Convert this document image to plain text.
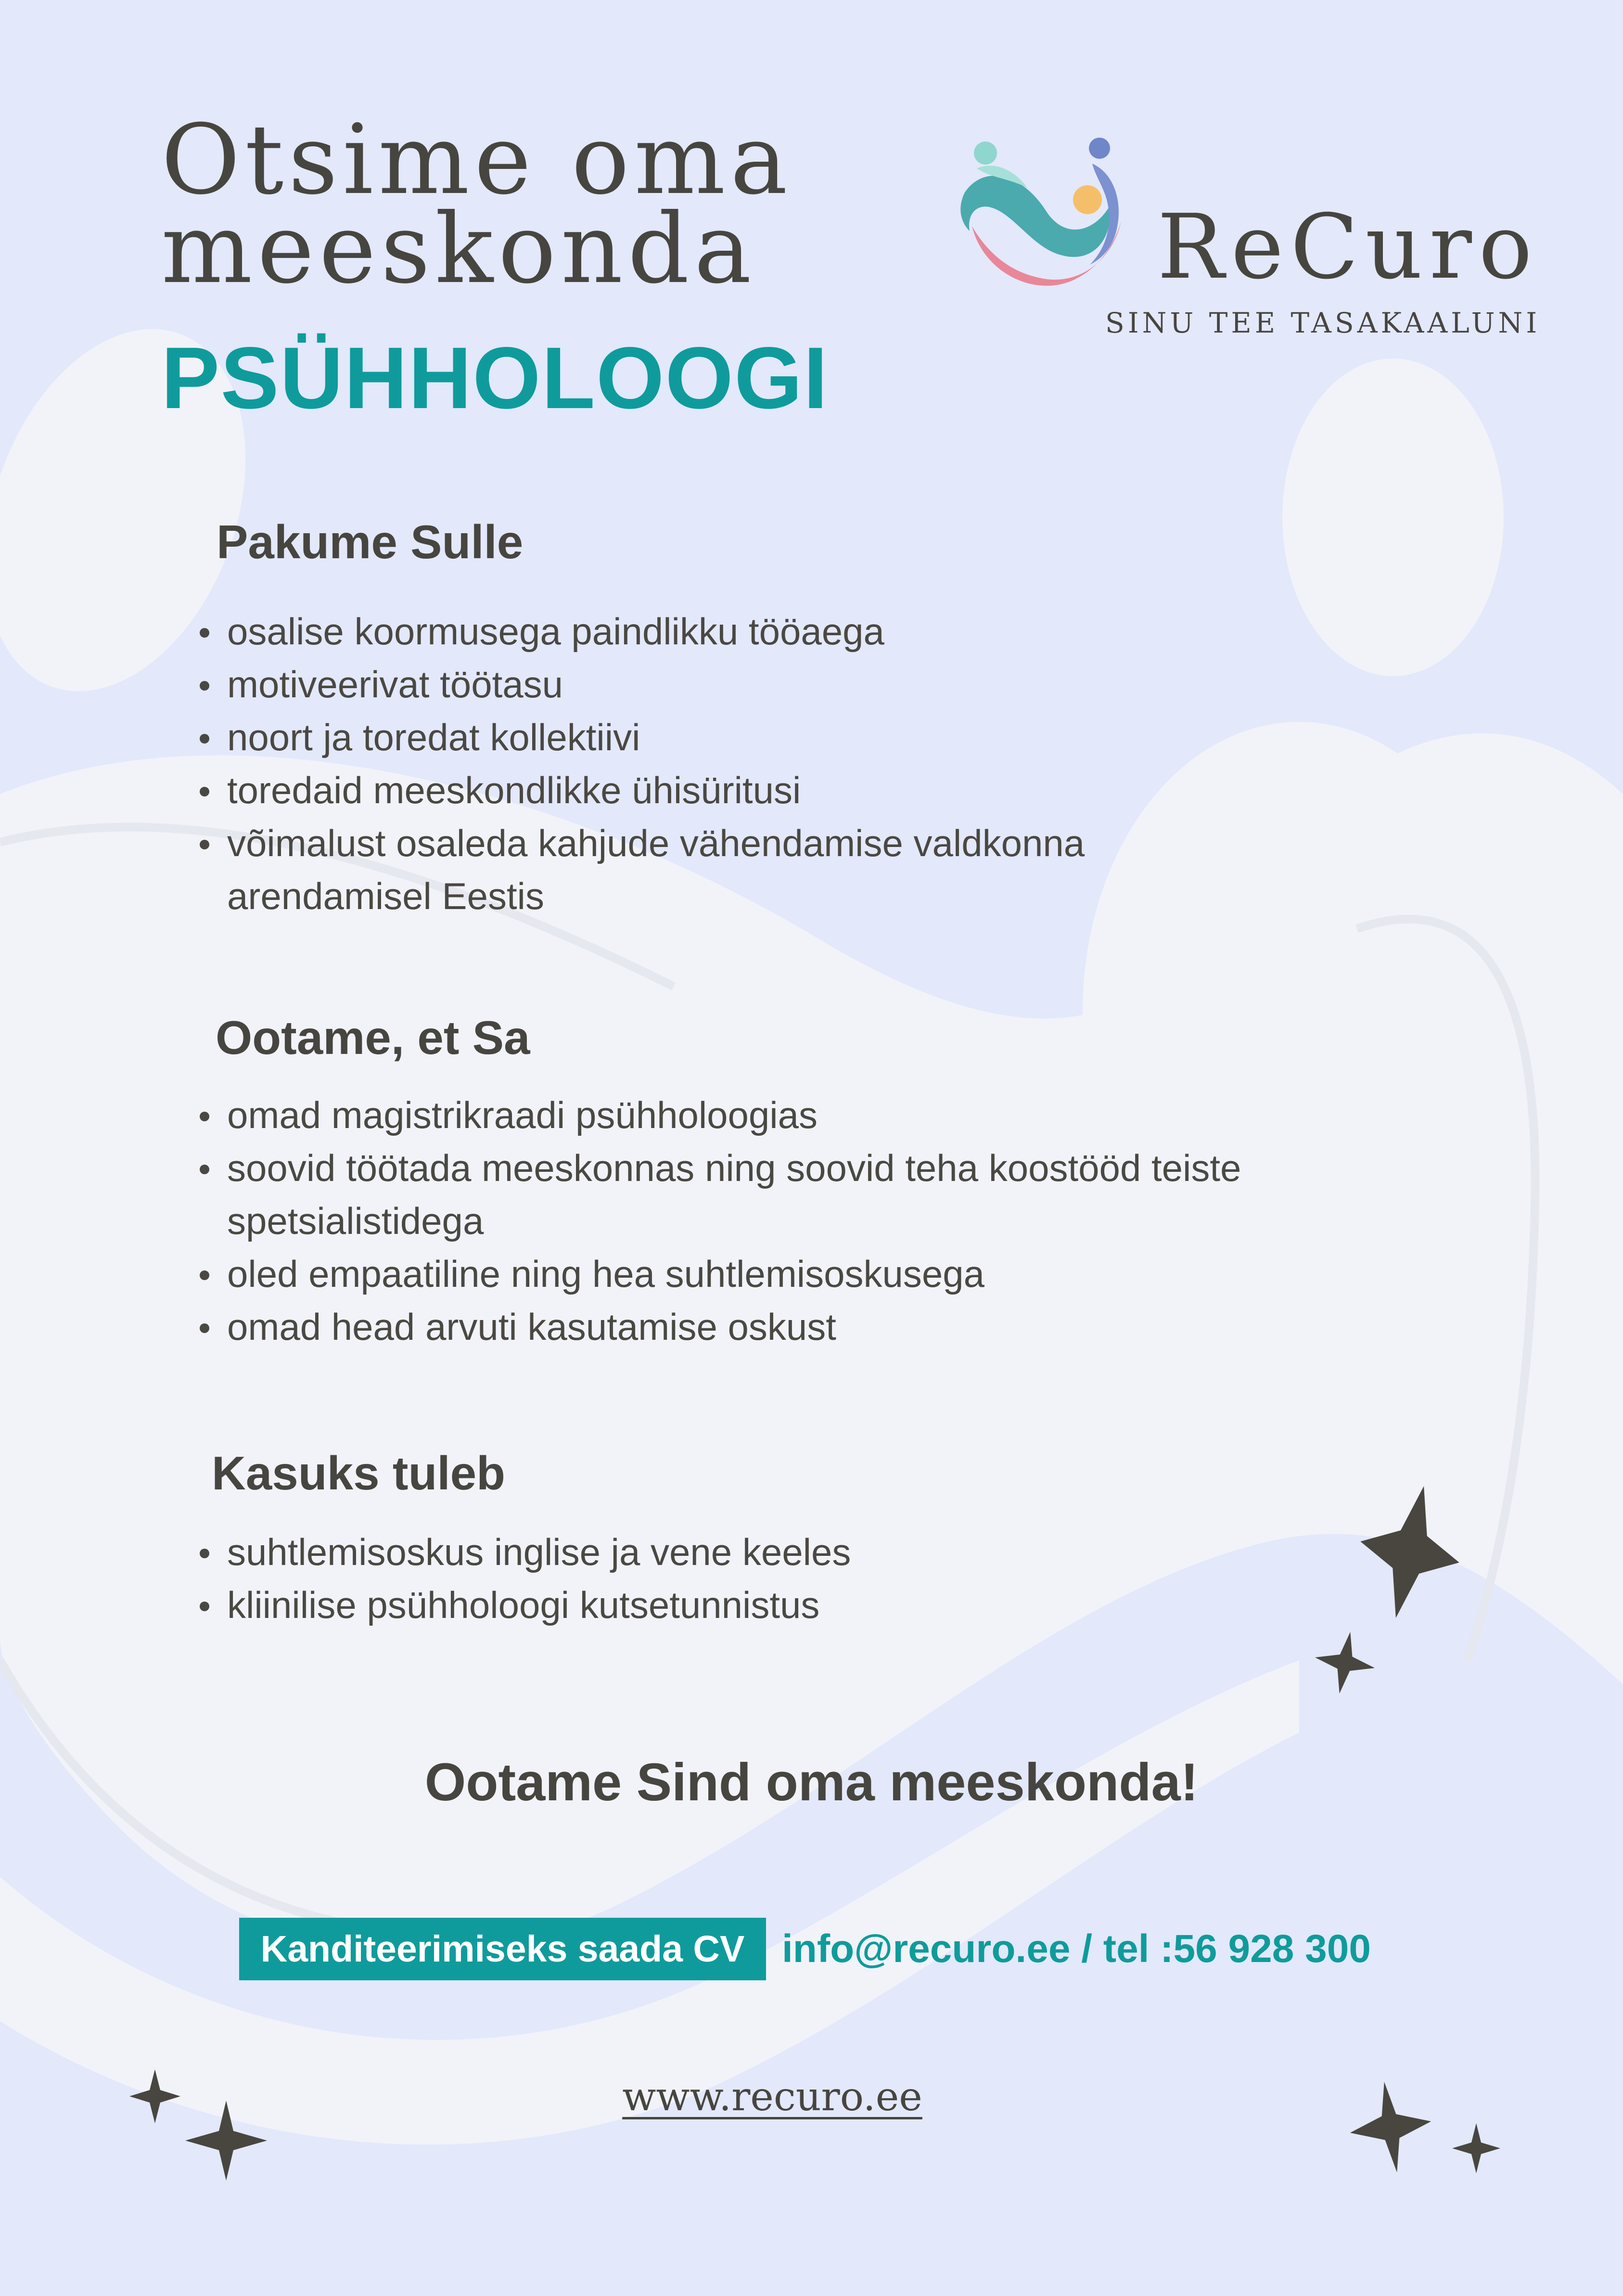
Otsime oma
meeskonda
PSÜHHOLOOGI
ReCuro
SINU TEE TASAKAALUNI
Pakume Sulle
osalise koormusega paindlikku tööaega
motiveerivat töötasu
noort ja toredat kollektiivi
toredaid meeskondlikke ühisüritusi
võimalust osaleda kahjude vähendamise valdkonna arendamisel Eestis
Ootame, et Sa
omad magistrikraadi psühholoogias
soovid töötada meeskonnas ning soovid teha koostööd teiste spetsialistidega
oled empaatiline ning hea suhtlemisoskusega
omad head arvuti kasutamise oskust
Kasuks tuleb
suhtlemisoskus inglise ja vene keeles
kliinilise psühholoogi kutsetunnistus
Ootame Sind oma meeskonda!
Kanditeerimiseks saada CV info@recuro.ee / tel :56 928 300
www.recuro.ee
